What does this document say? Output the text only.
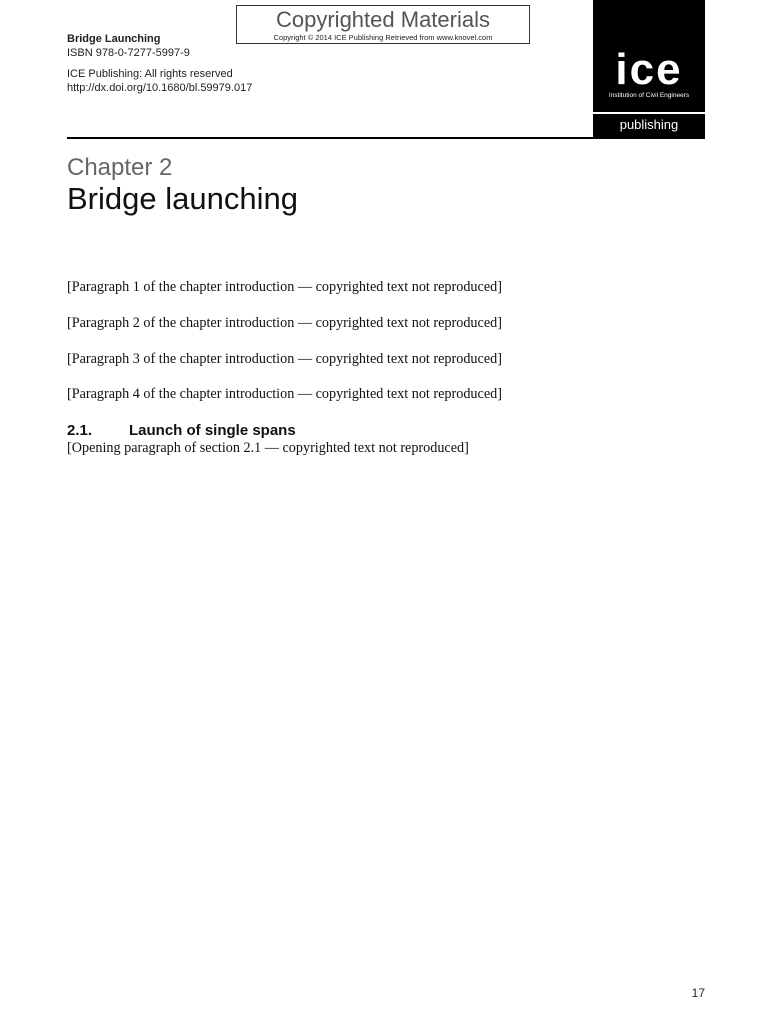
Copyrighted Materials
Copyright © 2014 ICE Publishing Retrieved from www.knovel.com
Bridge Launching
ISBN 978-0-7277-5997-9
ICE Publishing: All rights reserved
http://dx.doi.org/10.1680/bl.59979.017	ice
Institution of Civil Engineers
publishing
Chapter 2
Bridge launching

[Paragraph 1 of the chapter introduction — copyrighted text not reproduced]

[Paragraph 2 of the chapter introduction — copyrighted text not reproduced]

[Paragraph 3 of the chapter introduction — copyrighted text not reproduced]

[Paragraph 4 of the chapter introduction — copyrighted text not reproduced]

2.1. Launch of single spans

[Opening paragraph of section 2.1 — copyrighted text not reproduced]

17
